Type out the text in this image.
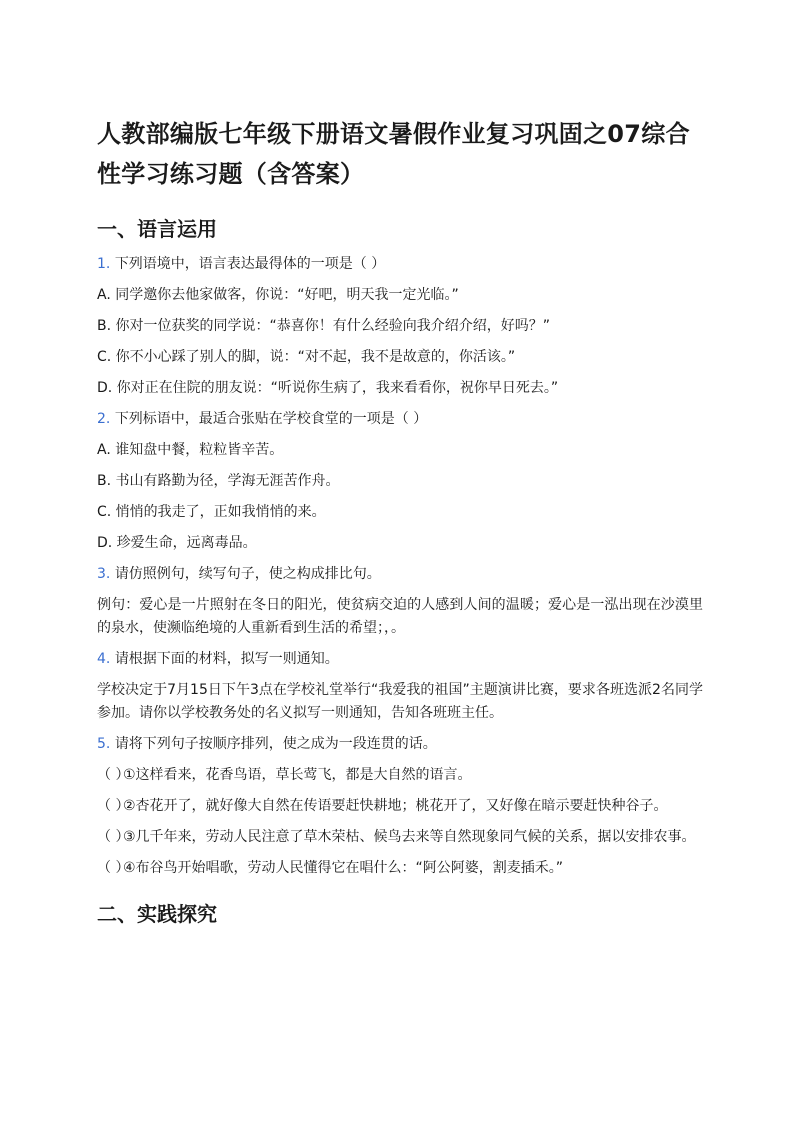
人教部编版七年级下册语文暑假作业复习巩固之07综合性学习练习题（含答案）
一、语言运用
1. 下列语境中，语言表达最得体的一项是（ ）
A. 同学邀你去他家做客，你说：“好吧，明天我一定光临。”
B. 你对一位获奖的同学说：“恭喜你！有什么经验向我介绍介绍，好吗？”
C. 你不小心踩了别人的脚，说：“对不起，我不是故意的，你活该。”
D. 你对正在住院的朋友说：“听说你生病了，我来看看你，祝你早日死去。”
2. 下列标语中，最适合张贴在学校食堂的一项是（ ）
A. 谁知盘中餐，粒粒皆辛苦。
B. 书山有路勤为径，学海无涯苦作舟。
C. 悄悄的我走了，正如我悄悄的来。
D. 珍爱生命，远离毒品。
3. 请仿照例句，续写句子，使之构成排比句。
例句：爱心是一片照射在冬日的阳光，使贫病交迫的人感到人间的温暖；爱心是一泓出现在沙漠里的泉水，使濒临绝境的人重新看到生活的希望；，。
4. 请根据下面的材料，拟写一则通知。
学校决定于7月15日下午3点在学校礼堂举行“我爱我的祖国”主题演讲比赛，要求各班选派2名同学参加。请你以学校教务处的名义拟写一则通知，告知各班班主任。
5. 请将下列句子按顺序排列，使之成为一段连贯的话。
（ ）①这样看来，花香鸟语，草长莺飞，都是大自然的语言。
（ ）②杏花开了，就好像大自然在传语要赶快耕地；桃花开了，又好像在暗示要赶快种谷子。
（ ）③几千年来，劳动人民注意了草木荣枯、候鸟去来等自然现象同气候的关系，据以安排农事。
（ ）④布谷鸟开始唱歌，劳动人民懂得它在唱什么：“阿公阿婆，割麦插禾。”
二、实践探究
